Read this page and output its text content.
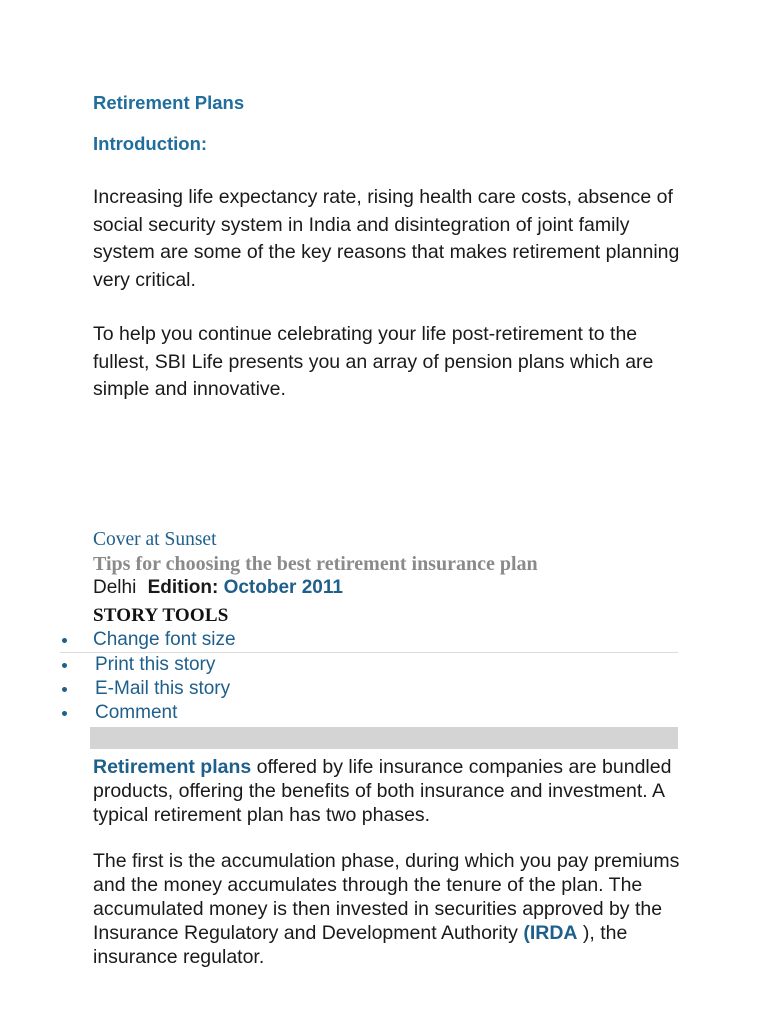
Retirement Plans
Introduction:

Increasing life expectancy rate, rising health care costs, absence of social security system in India and disintegration of joint family system are some of the key reasons that makes retirement planning very critical.

To help you continue celebrating your life post-retirement to the fullest, SBI Life presents you an array of pension plans which are simple and innovative.

Cover at Sunset
Tips for choosing the best retirement insurance plan
Delhi Edition: October 2011
STORY TOOLS
Change font size
Print this story
E-Mail this story
Comment

Retirement plans offered by life insurance companies are bundled products, offering the benefits of both insurance and investment. A typical retirement plan has two phases.

The first is the accumulation phase, during which you pay premiums and the money accumulates through the tenure of the plan. The accumulated money is then invested in securities approved by the Insurance Regulatory and Development Authority (IRDA ), the insurance regulator.
